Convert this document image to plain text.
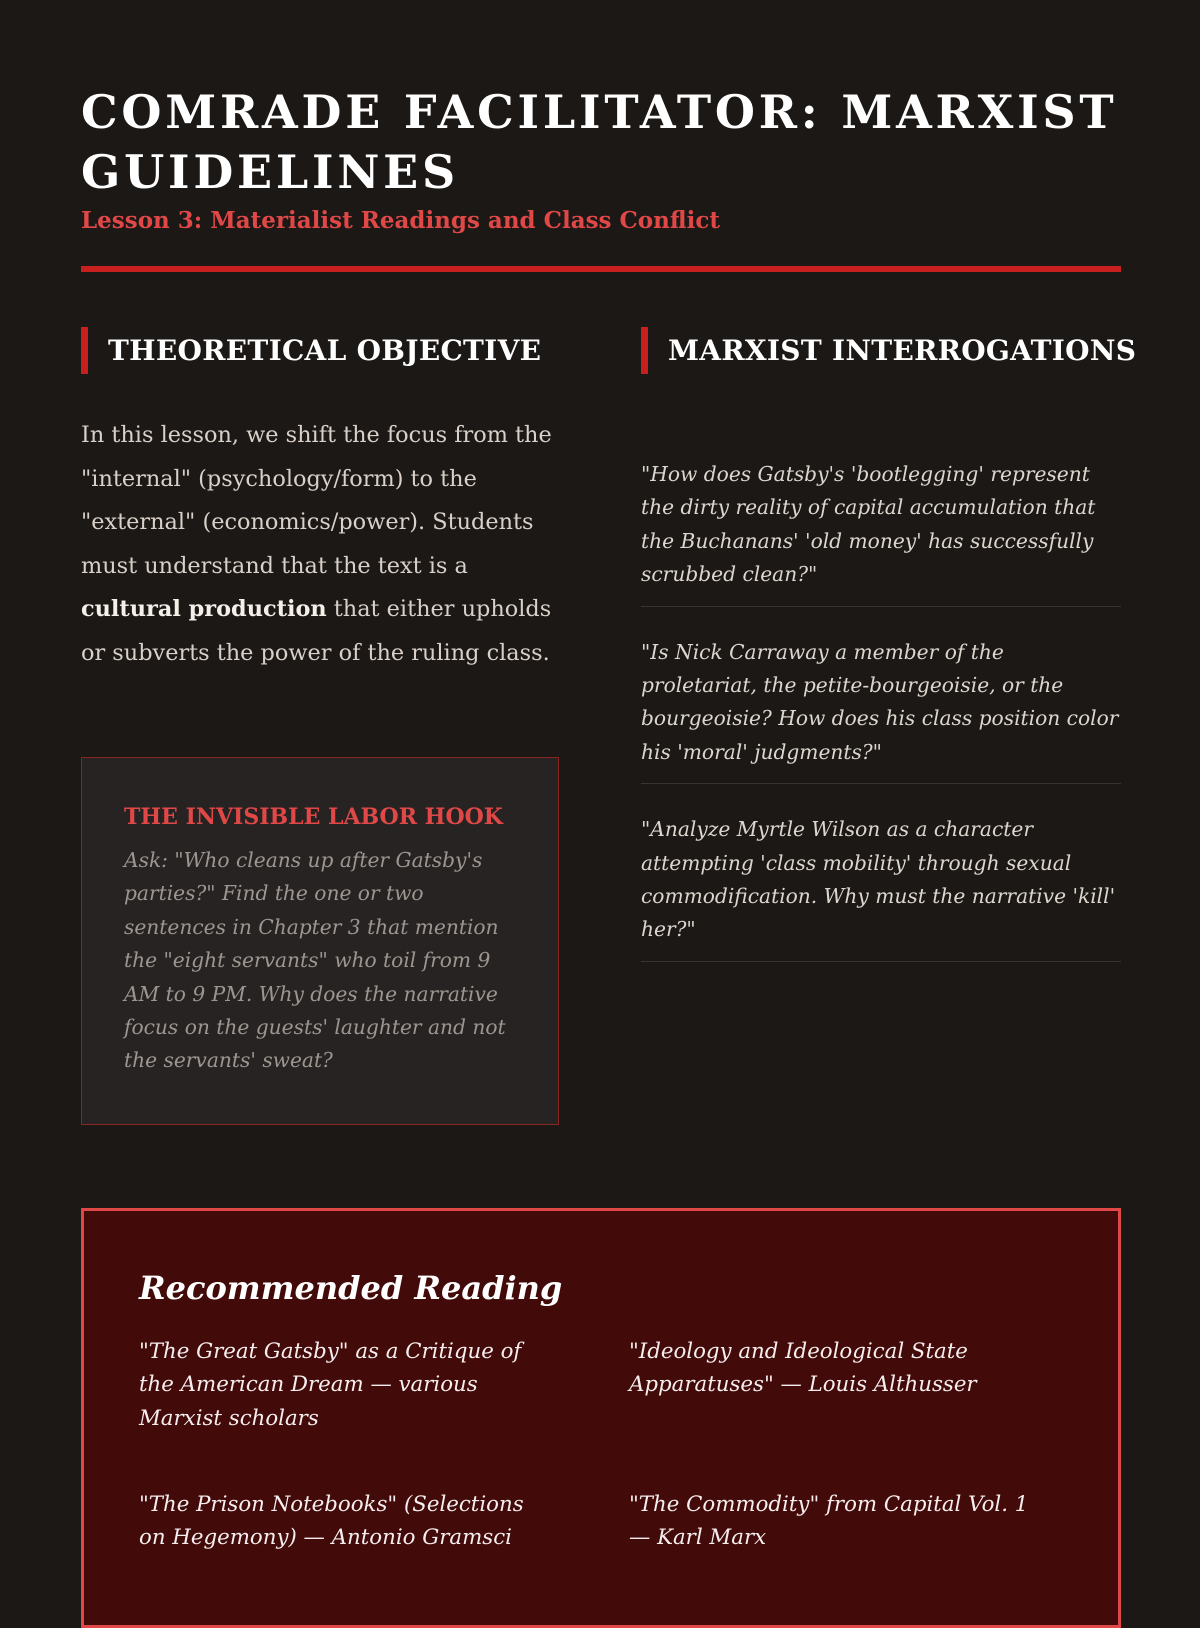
COMRADE FACILITATOR: MARXIST GUIDELINES
Lesson 3: Materialist Readings and Class Conflict
THEORETICAL OBJECTIVE

In this lesson, we shift the focus from the "internal" (psychology/form) to the "external" (economics/power). Students must understand that the text is a cultural production that either upholds or subverts the power of the ruling class.

THE INVISIBLE LABOR HOOK

Ask: "Who cleans up after Gatsby's parties?" Find the one or two sentences in Chapter 3 that mention the "eight servants" who toil from 9 AM to 9 PM. Why does the narrative focus on the guests' laughter and not the servants' sweat?

MARXIST INTERROGATIONS
"How does Gatsby's 'bootlegging' represent the dirty reality of capital accumulation that the Buchanans' 'old money' has successfully scrubbed clean?"
"Is Nick Carraway a member of the proletariat, the petite-bourgeoisie, or the bourgeoisie? How does his class position color his 'moral' judgments?"
"Analyze Myrtle Wilson as a character attempting 'class mobility' through sexual commodification. Why must the narrative 'kill' her?"
Recommended Reading
"The Great Gatsby" as a Critique of the American Dream — various Marxist scholars
"Ideology and Ideological State Apparatuses" — Louis Althusser
"The Prison Notebooks" (Selections on Hegemony) — Antonio Gramsci
"The Commodity" from Capital Vol. 1 — Karl Marx
